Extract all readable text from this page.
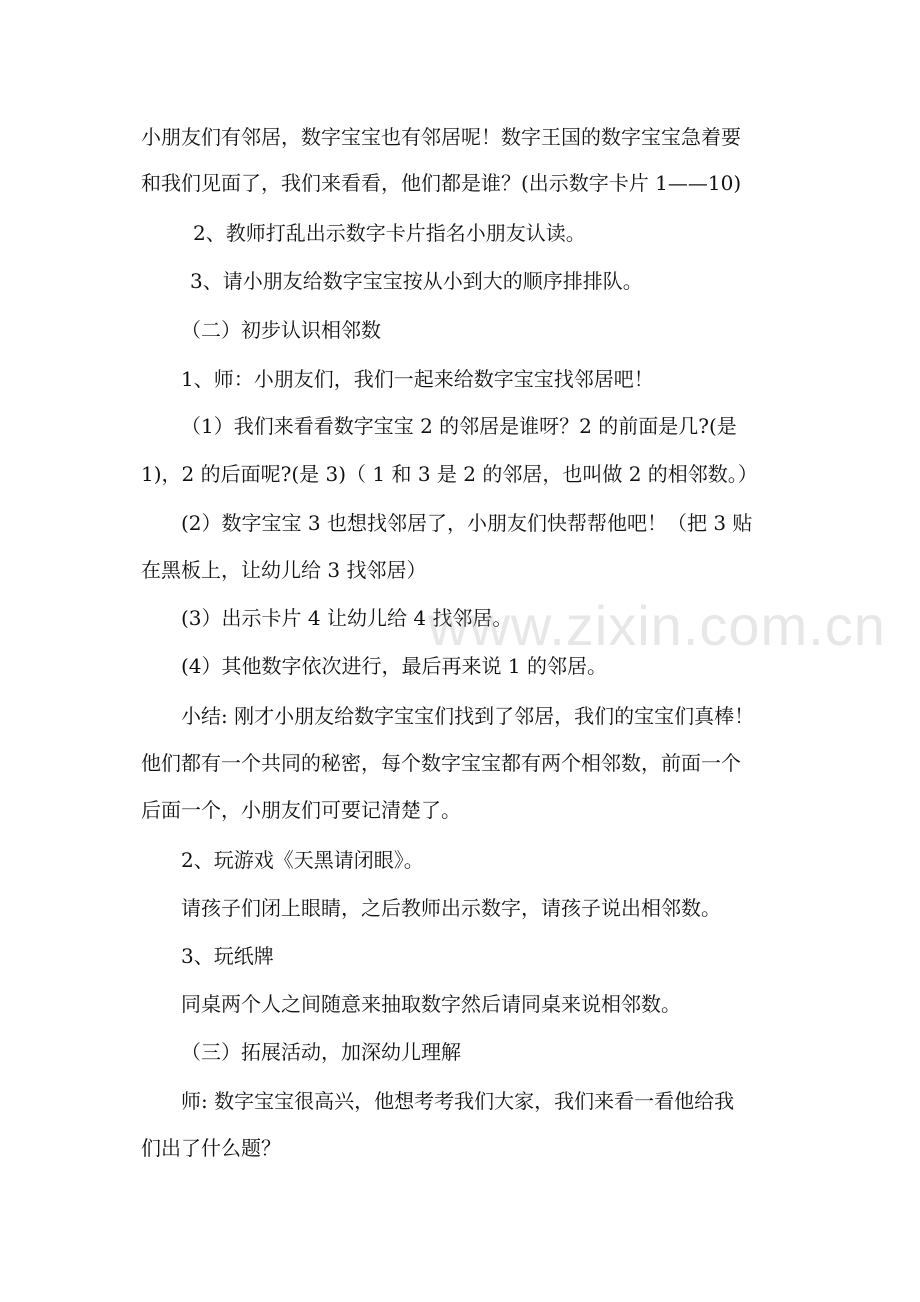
小朋友们有邻居，数字宝宝也有邻居呢！数字王国的数字宝宝急着要
和我们见面了，我们来看看，他们都是谁？(出示数字卡片 1——10)
2、教师打乱出示数字卡片指名小朋友认读。
3、请小朋友给数字宝宝按从小到大的顺序排排队。
（二）初步认识相邻数
1、师：小朋友们，我们一起来给数字宝宝找邻居吧！
（1）我们来看看数字宝宝 2 的邻居是谁呀？2 的前面是几?(是
1)，2 的后面呢?(是 3)（ 1 和 3 是 2 的邻居，也叫做 2 的相邻数。）
(2）数字宝宝 3 也想找邻居了，小朋友们快帮帮他吧！（把 3 贴
在黑板上，让幼儿给 3 找邻居）
(3）出示卡片 4 让幼儿给 4 找邻居。
(4）其他数字依次进行，最后再来说 1 的邻居。
小结: 刚才小朋友给数字宝宝们找到了邻居，我们的宝宝们真棒！
他们都有一个共同的秘密，每个数字宝宝都有两个相邻数，前面一个
后面一个，小朋友们可要记清楚了。
2、玩游戏《天黑请闭眼》。
请孩子们闭上眼睛，之后教师出示数字，请孩子说出相邻数。
3、玩纸牌
同桌两个人之间随意来抽取数字然后请同桌来说相邻数。
（三）拓展活动，加深幼儿理解
师: 数字宝宝很高兴，他想考考我们大家，我们来看一看他给我
们出了什么题？
www.zixin.com.cn
